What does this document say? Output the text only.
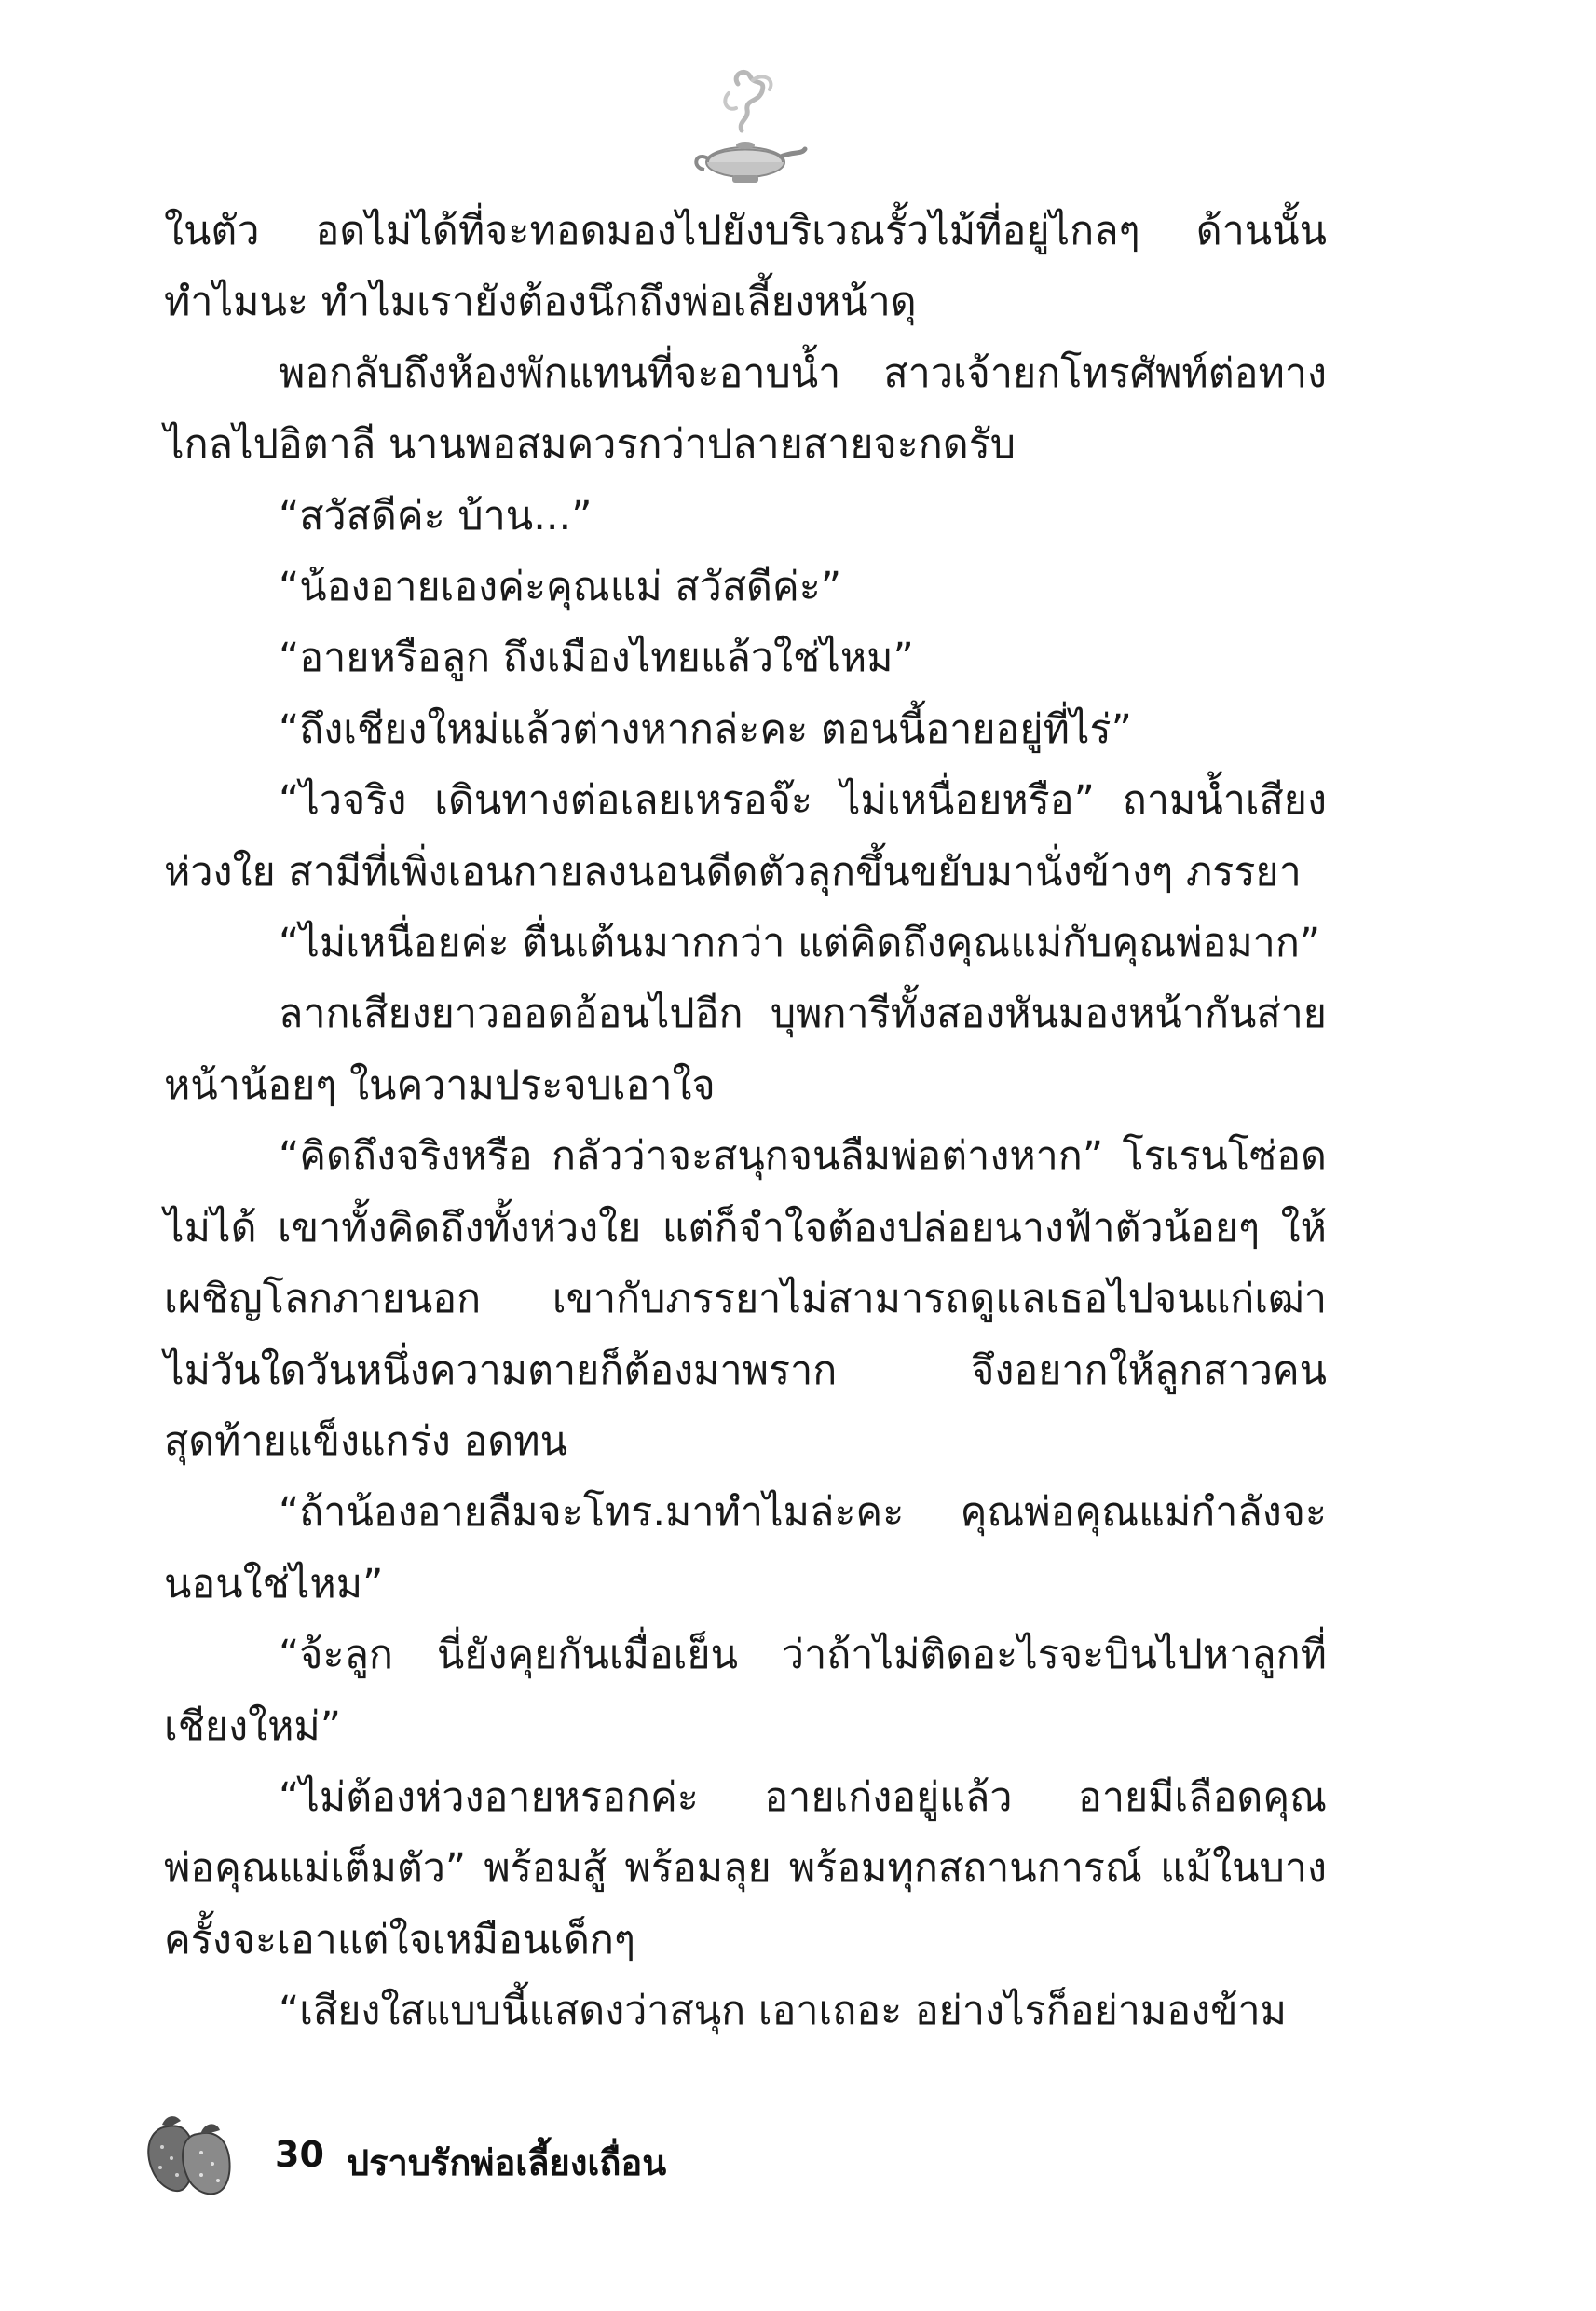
ในตัว อดไม่ได้ที่จะทอดมองไปยังบริเวณรั้วไม้ที่อยู่ไกลๆ ด้านนั้น ทำไมนะ ทำไมเรายังต้องนึกถึงพ่อเลี้ยงหน้าดุ

พอกลับถึงห้องพักแทนที่จะอาบน้ำ สาวเจ้ายกโทรศัพท์ต่อทางไกลไปอิตาลี นานพอสมควรกว่าปลายสายจะกดรับ

“สวัสดีค่ะ บ้าน...”

“น้องอายเองค่ะคุณแม่ สวัสดีค่ะ”

“อายหรือลูก ถึงเมืองไทยแล้วใช่ไหม”

“ถึงเชียงใหม่แล้วต่างหากล่ะคะ ตอนนี้อายอยู่ที่ไร่”

“ไวจริง เดินทางต่อเลยเหรอจ๊ะ ไม่เหนื่อยหรือ” ถามน้ำเสียงห่วงใย สามีที่เพิ่งเอนกายลงนอนดีดตัวลุกขึ้นขยับมานั่งข้างๆ ภรรยา

“ไม่เหนื่อยค่ะ ตื่นเต้นมากกว่า แต่คิดถึงคุณแม่กับคุณพ่อมาก”

ลากเสียงยาวออดอ้อนไปอีก บุพการีทั้งสองหันมองหน้ากันส่ายหน้าน้อยๆ ในความประจบเอาใจ

“คิดถึงจริงหรือ กลัวว่าจะสนุกจนลืมพ่อต่างหาก” โรเรนโซ่อดไม่ได้ เขาทั้งคิดถึงทั้งห่วงใย แต่ก็จำใจต้องปล่อยนางฟ้าตัวน้อยๆ ให้เผชิญโลกภายนอก เขากับภรรยาไม่สามารถดูแลเธอไปจนแก่เฒ่า ไม่วันใดวันหนึ่งความตายก็ต้องมาพราก จึงอยากให้ลูกสาวคนสุดท้ายแข็งแกร่ง อดทน

“ถ้าน้องอายลืมจะโทร.มาทำไมล่ะคะ คุณพ่อคุณแม่กำลังจะนอนใช่ไหม”

“จ้ะลูก นี่ยังคุยกันเมื่อเย็น ว่าถ้าไม่ติดอะไรจะบินไปหาลูกที่เชียงใหม่”

“ไม่ต้องห่วงอายหรอกค่ะ อายเก่งอยู่แล้ว อายมีเลือดคุณพ่อคุณแม่เต็มตัว” พร้อมสู้ พร้อมลุย พร้อมทุกสถานการณ์ แม้ในบางครั้งจะเอาแต่ใจเหมือนเด็กๆ

“เสียงใสแบบนี้แสดงว่าสนุก เอาเถอะ อย่างไรก็อย่ามองข้าม

30 ปราบรักพ่อเลี้ยงเถื่อน
